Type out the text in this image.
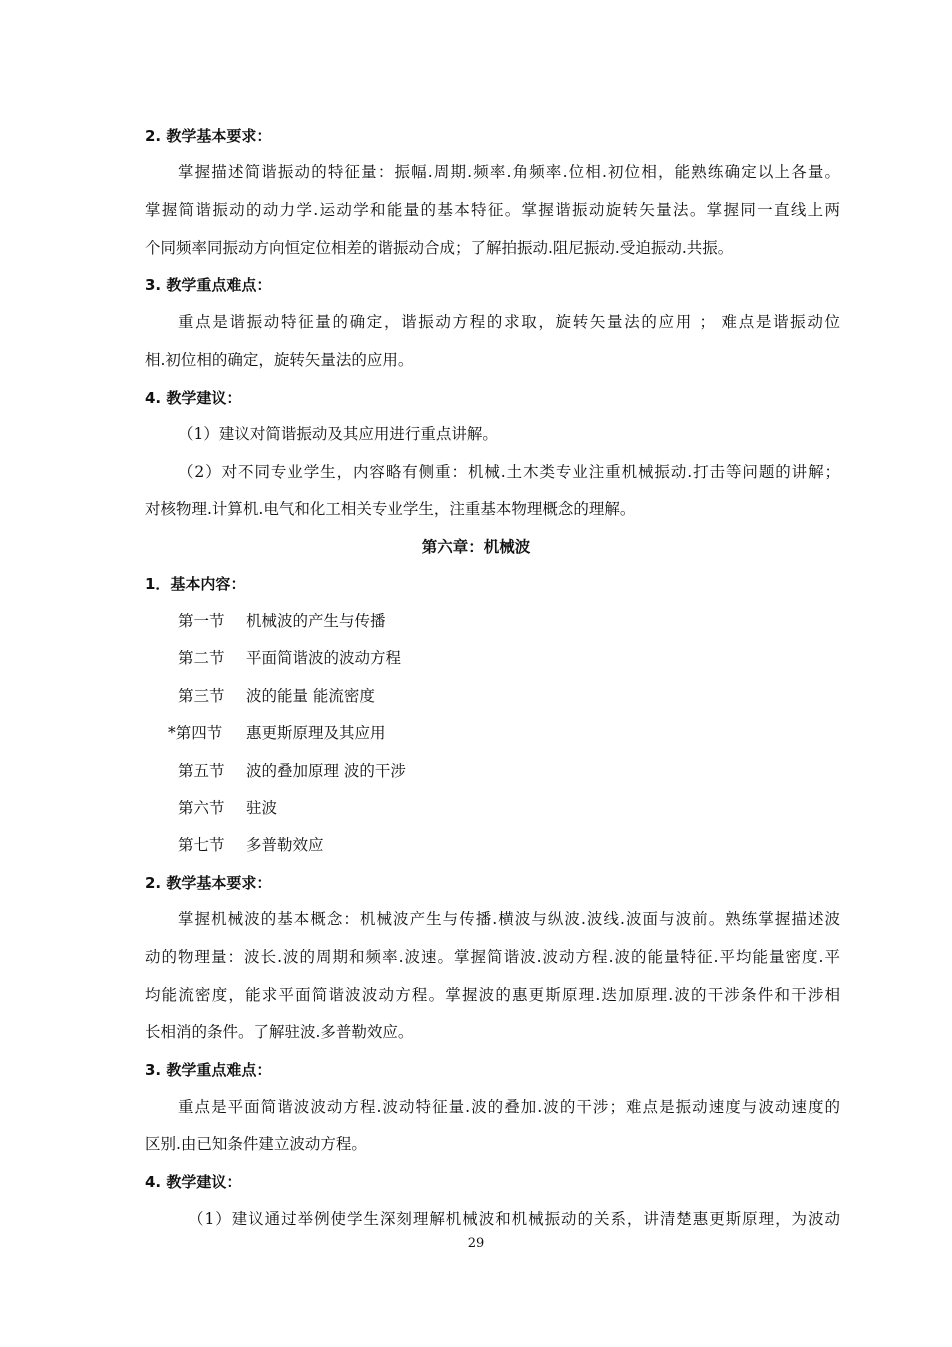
2. 教学基本要求：
掌握描述简谐振动的特征量：振幅.周期.频率.角频率.位相.初位相，能熟练确定以上各量。
掌握简谐振动的动力学.运动学和能量的基本特征。掌握谐振动旋转矢量法。掌握同一直线上两
个同频率同振动方向恒定位相差的谐振动合成；了解拍振动.阻尼振动.受迫振动.共振。
3. 教学重点难点：
重点是谐振动特征量的确定，谐振动方程的求取，旋转矢量法的应用 ； 难点是谐振动位
相.初位相的确定，旋转矢量法的应用。
4. 教学建议：
（1）建议对简谐振动及其应用进行重点讲解。
（2）对不同专业学生，内容略有侧重：机械.土木类专业注重机械振动.打击等问题的讲解；
对核物理.计算机.电气和化工相关专业学生，注重基本物理概念的理解。
第六章：机械波
1．基本内容：
第一节 机械波的产生与传播
第二节 平面简谐波的波动方程
第三节 波的能量 能流密度
*第四节 惠更斯原理及其应用
第五节 波的叠加原理 波的干涉
第六节 驻波
第七节 多普勒效应
2. 教学基本要求：
掌握机械波的基本概念：机械波产生与传播.横波与纵波.波线.波面与波前。熟练掌握描述波
动的物理量：波长.波的周期和频率.波速。掌握简谐波.波动方程.波的能量特征.平均能量密度.平
均能流密度，能求平面简谐波波动方程。掌握波的惠更斯原理.迭加原理.波的干涉条件和干涉相
长相消的条件。了解驻波.多普勒效应。
3. 教学重点难点：
重点是平面简谐波波动方程.波动特征量.波的叠加.波的干涉；难点是振动速度与波动速度的
区别.由已知条件建立波动方程。
4. 教学建议：
（1）建议通过举例使学生深刻理解机械波和机械振动的关系，讲清楚惠更斯原理，为波动
29
